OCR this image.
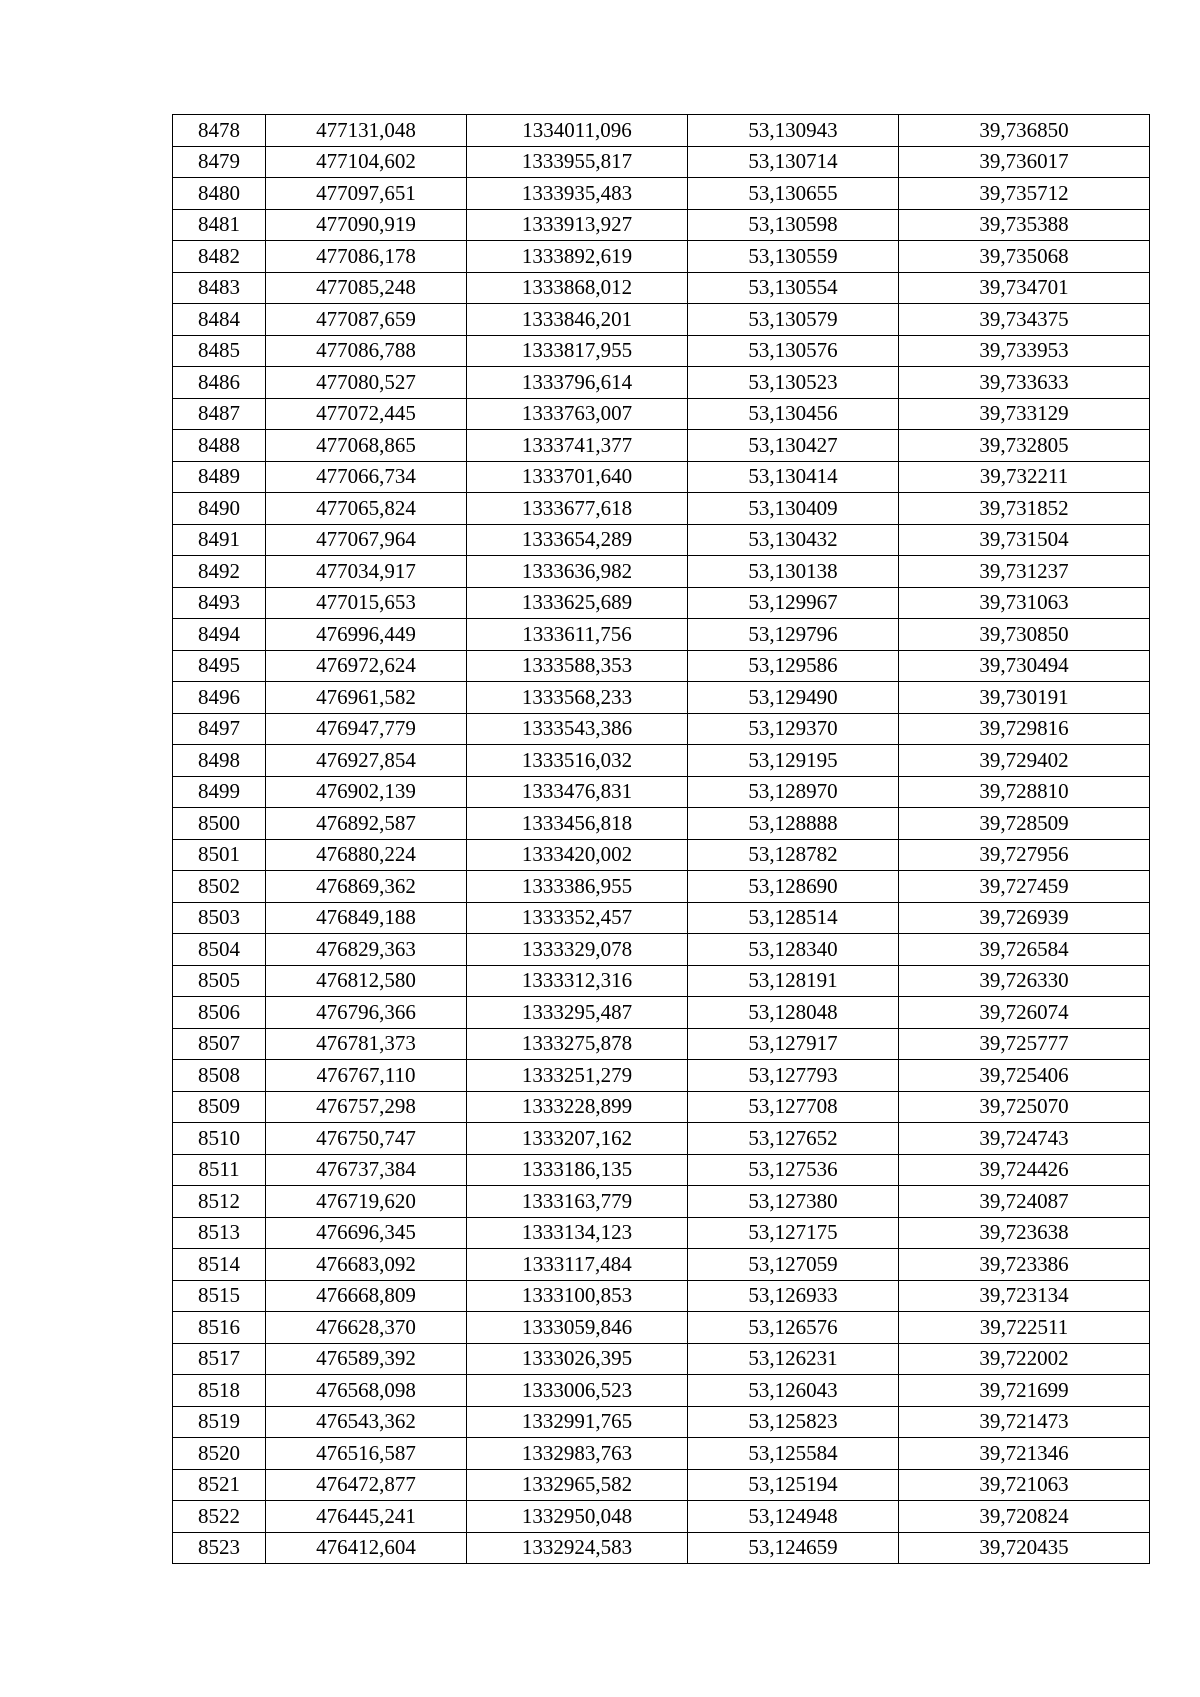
8478	477131,048	1334011,096	53,130943	39,736850
8479	477104,602	1333955,817	53,130714	39,736017
8480	477097,651	1333935,483	53,130655	39,735712
8481	477090,919	1333913,927	53,130598	39,735388
8482	477086,178	1333892,619	53,130559	39,735068
8483	477085,248	1333868,012	53,130554	39,734701
8484	477087,659	1333846,201	53,130579	39,734375
8485	477086,788	1333817,955	53,130576	39,733953
8486	477080,527	1333796,614	53,130523	39,733633
8487	477072,445	1333763,007	53,130456	39,733129
8488	477068,865	1333741,377	53,130427	39,732805
8489	477066,734	1333701,640	53,130414	39,732211
8490	477065,824	1333677,618	53,130409	39,731852
8491	477067,964	1333654,289	53,130432	39,731504
8492	477034,917	1333636,982	53,130138	39,731237
8493	477015,653	1333625,689	53,129967	39,731063
8494	476996,449	1333611,756	53,129796	39,730850
8495	476972,624	1333588,353	53,129586	39,730494
8496	476961,582	1333568,233	53,129490	39,730191
8497	476947,779	1333543,386	53,129370	39,729816
8498	476927,854	1333516,032	53,129195	39,729402
8499	476902,139	1333476,831	53,128970	39,728810
8500	476892,587	1333456,818	53,128888	39,728509
8501	476880,224	1333420,002	53,128782	39,727956
8502	476869,362	1333386,955	53,128690	39,727459
8503	476849,188	1333352,457	53,128514	39,726939
8504	476829,363	1333329,078	53,128340	39,726584
8505	476812,580	1333312,316	53,128191	39,726330
8506	476796,366	1333295,487	53,128048	39,726074
8507	476781,373	1333275,878	53,127917	39,725777
8508	476767,110	1333251,279	53,127793	39,725406
8509	476757,298	1333228,899	53,127708	39,725070
8510	476750,747	1333207,162	53,127652	39,724743
8511	476737,384	1333186,135	53,127536	39,724426
8512	476719,620	1333163,779	53,127380	39,724087
8513	476696,345	1333134,123	53,127175	39,723638
8514	476683,092	1333117,484	53,127059	39,723386
8515	476668,809	1333100,853	53,126933	39,723134
8516	476628,370	1333059,846	53,126576	39,722511
8517	476589,392	1333026,395	53,126231	39,722002
8518	476568,098	1333006,523	53,126043	39,721699
8519	476543,362	1332991,765	53,125823	39,721473
8520	476516,587	1332983,763	53,125584	39,721346
8521	476472,877	1332965,582	53,125194	39,721063
8522	476445,241	1332950,048	53,124948	39,720824
8523	476412,604	1332924,583	53,124659	39,720435
